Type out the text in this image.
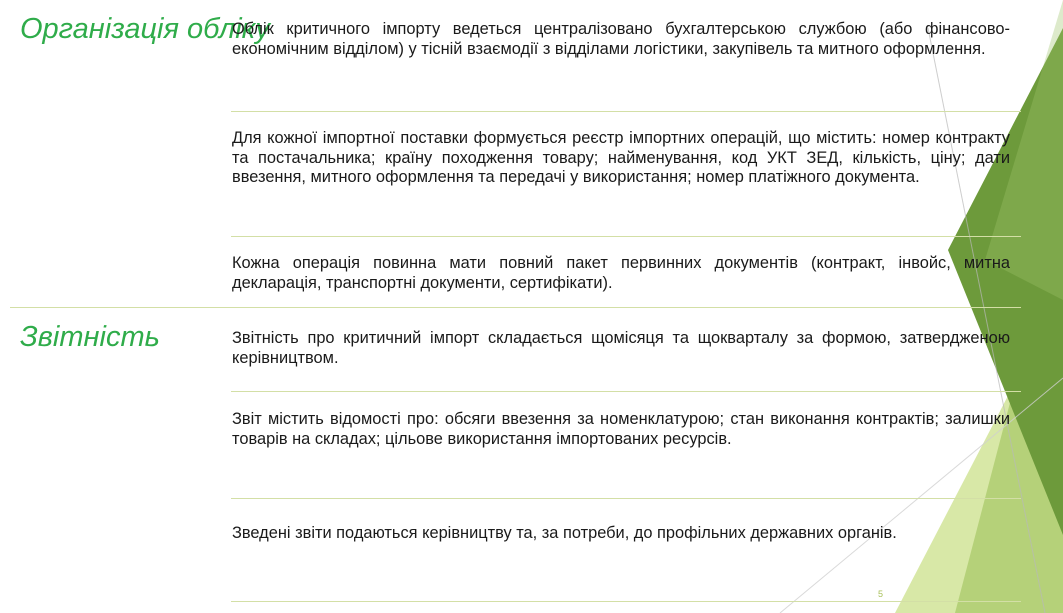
Організація обліку

Облік критичного імпорту ведеться централізовано бухгалтерською службою (або фінансово-економічним відділом) у тісній взаємодії з відділами логістики, закупівель та митного оформлення.

Для кожної імпортної поставки формується реєстр імпортних операцій, що містить: номер контракту та постачальника; країну походження товару; найменування, код УКТ ЗЕД, кількість, ціну; дати ввезення, митного оформлення та передачі у використання; номер платіжного документа.

Кожна операція повинна мати повний пакет первинних документів (контракт, інвойс, митна декларація, транспортні документи, сертифікати).

Звітність	Звітність про критичний імпорт складається щомісяця та щокварталу за формою, затвердженою керівництвом.

Звіт містить відомості про: обсяги ввезення за номенклатурою; стан виконання контрактів; залишки товарів на складах; цільове використання імпортованих ресурсів.

Зведені звіти подаються керівництву та, за потреби, до профільних державних органів.

5
